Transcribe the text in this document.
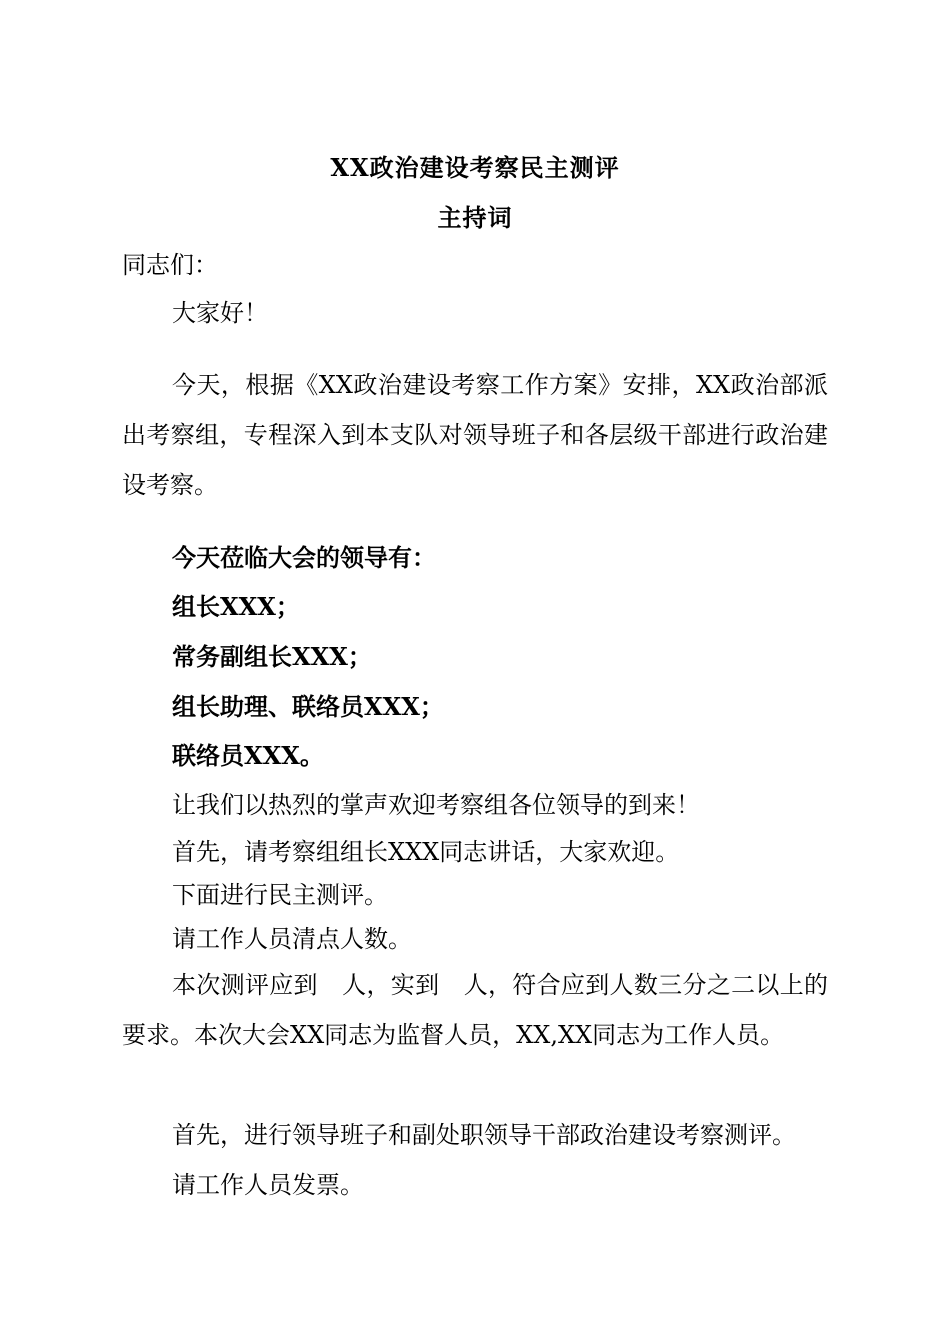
XX政治建设考察民主测评
主持词
同志们：
大家好！
今天，根据《XX政治建设考察工作方案》安排，XX政治部派出考察组，专程深入到本支队对领导班子和各层级干部进行政治建设考察。
今天莅临大会的领导有：
组长XXX；
常务副组长XXX；
组长助理、联络员XXX；
联络员XXX。
让我们以热烈的掌声欢迎考察组各位领导的到来！
首先，请考察组组长XXX同志讲话，大家欢迎。
下面进行民主测评。
请工作人员清点人数。
本次测评应到　人，实到　人，符合应到人数三分之二以上的要求。本次大会XX同志为监督人员，XX,XX同志为工作人员。
首先，进行领导班子和副处职领导干部政治建设考察测评。
请工作人员发票。
